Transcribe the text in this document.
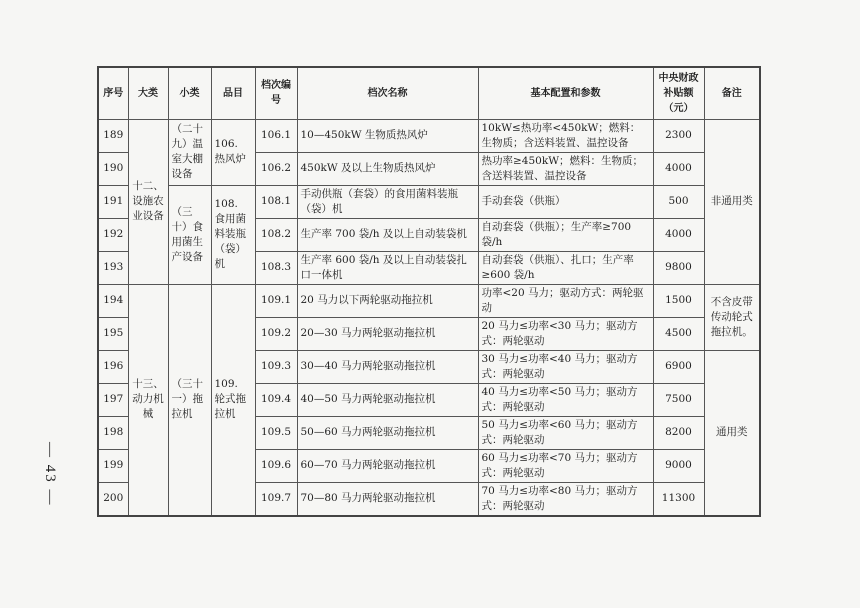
— 43 —
序号	大类	小类	品目	档次编号	档次名称	基本配置和参数	中央财政补贴额（元）	备注
189	十二、设施农业设备	（二十九）温室大棚设备	106. 热风炉	106.1	10—450kW 生物质热风炉	10kW≤热功率<450kW；燃料：生物质；含送料装置、温控设备	2300	非通用类
190				106.2	450kW 及以上生物质热风炉	热功率≥450kW；燃料：生物质；含送料装置、温控设备	4000	
191		（三十）食用菌生产设备	108. 食用菌料装瓶（袋）机	108.1	手动供瓶（套袋）的食用菌料装瓶（袋）机	手动套袋（供瓶）	500	
192				108.2	生产率 700 袋/h 及以上自动装袋机	自动套袋（供瓶）；生产率≥700 袋/h	4000	
193				108.3	生产率 600 袋/h 及以上自动装袋扎口一体机	自动套袋（供瓶）、扎口；生产率≥600 袋/h	9800	
194	十三、动力机械	（三十一）拖拉机	109. 轮式拖拉机	109.1	20 马力以下两轮驱动拖拉机	功率<20 马力；驱动方式：两轮驱动	1500	不含皮带传动轮式拖拉机。
195				109.2	20—30 马力两轮驱动拖拉机	20 马力≤功率<30 马力；驱动方式：两轮驱动	4500	
196				109.3	30—40 马力两轮驱动拖拉机	30 马力≤功率<40 马力；驱动方式：两轮驱动	6900	通用类
197				109.4	40—50 马力两轮驱动拖拉机	40 马力≤功率<50 马力；驱动方式：两轮驱动	7500	
198				109.5	50—60 马力两轮驱动拖拉机	50 马力≤功率<60 马力；驱动方式：两轮驱动	8200	
199				109.6	60—70 马力两轮驱动拖拉机	60 马力≤功率<70 马力；驱动方式：两轮驱动	9000	
200				109.7	70—80 马力两轮驱动拖拉机	70 马力≤功率<80 马力；驱动方式：两轮驱动	11300	
